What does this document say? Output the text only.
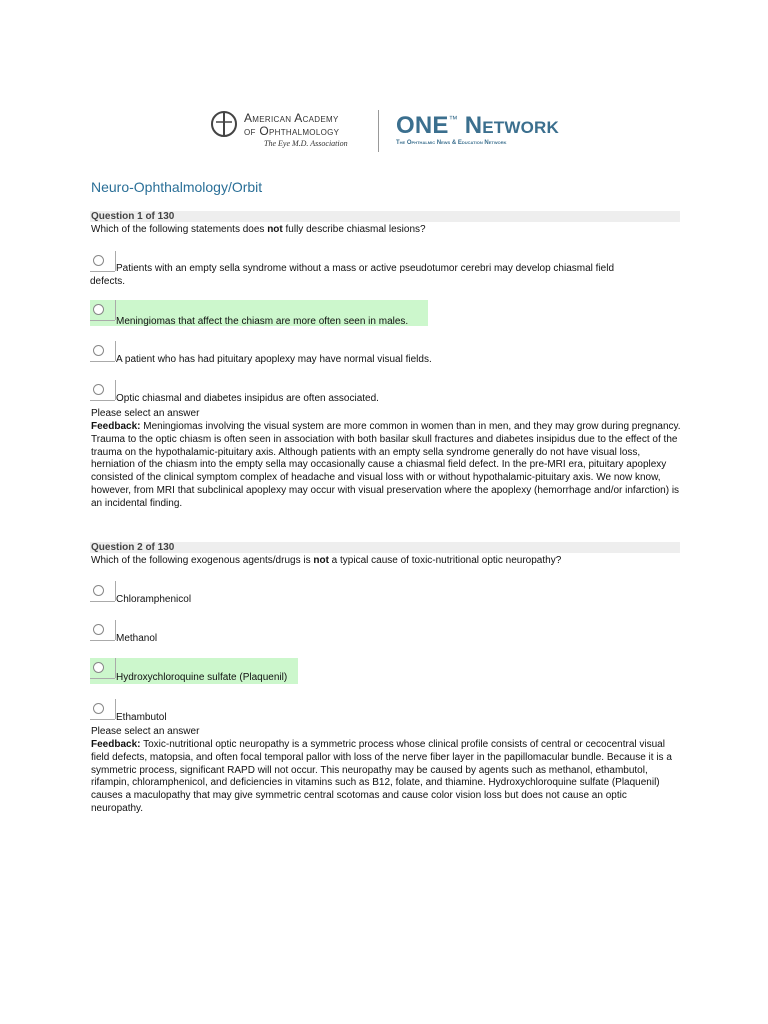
American Academy
of Ophthalmology
The Eye M.D. Association
ONE™ Network
The Ophthalmic News & Education Network
Neuro-Ophthalmology/Orbit
Question 1 of 130
Which of the following statements does not fully describe chiasmal lesions?
Patients with an empty sella syndrome without a mass or active pseudotumor cerebri may develop chiasmal field
defects.
Meningiomas that affect the chiasm are more often seen in males.
A patient who has had pituitary apoplexy may have normal visual fields.
Optic chiasmal and diabetes insipidus are often associated.
Please select an answer
Feedback: Meningiomas involving the visual system are more common in women than in men, and they may grow during pregnancy. Trauma to the optic chiasm is often seen in association with both basilar skull fractures and diabetes insipidus due to the effect of the trauma on the hypothalamic-pituitary axis. Although patients with an empty sella syndrome generally do not have visual loss, herniation of the chiasm into the empty sella may occasionally cause a chiasmal field defect. In the pre-MRI era, pituitary apoplexy consisted of the clinical symptom complex of headache and visual loss with or without hypothalamic-pituitary axis. We now know, however, from MRI that subclinical apoplexy may occur with visual preservation where the apoplexy (hemorrhage and/or infarction) is an incidental finding.
Question 2 of 130
Which of the following exogenous agents/drugs is not a typical cause of toxic-nutritional optic neuropathy?
Chloramphenicol
Methanol
Hydroxychloroquine sulfate (Plaquenil)
Ethambutol
Please select an answer
Feedback: Toxic-nutritional optic neuropathy is a symmetric process whose clinical profile consists of central or cecocentral visual field defects, matopsia, and often focal temporal pallor with loss of the nerve fiber layer in the papillomacular bundle. Because it is a symmetric process, significant RAPD will not occur. This neuropathy may be caused by agents such as methanol, ethambutol, rifampin, chloramphenicol, and deficiencies in vitamins such as B12, folate, and thiamine. Hydroxychloroquine sulfate (Plaquenil) causes a maculopathy that may give symmetric central scotomas and cause color vision loss but does not cause an optic neuropathy.
